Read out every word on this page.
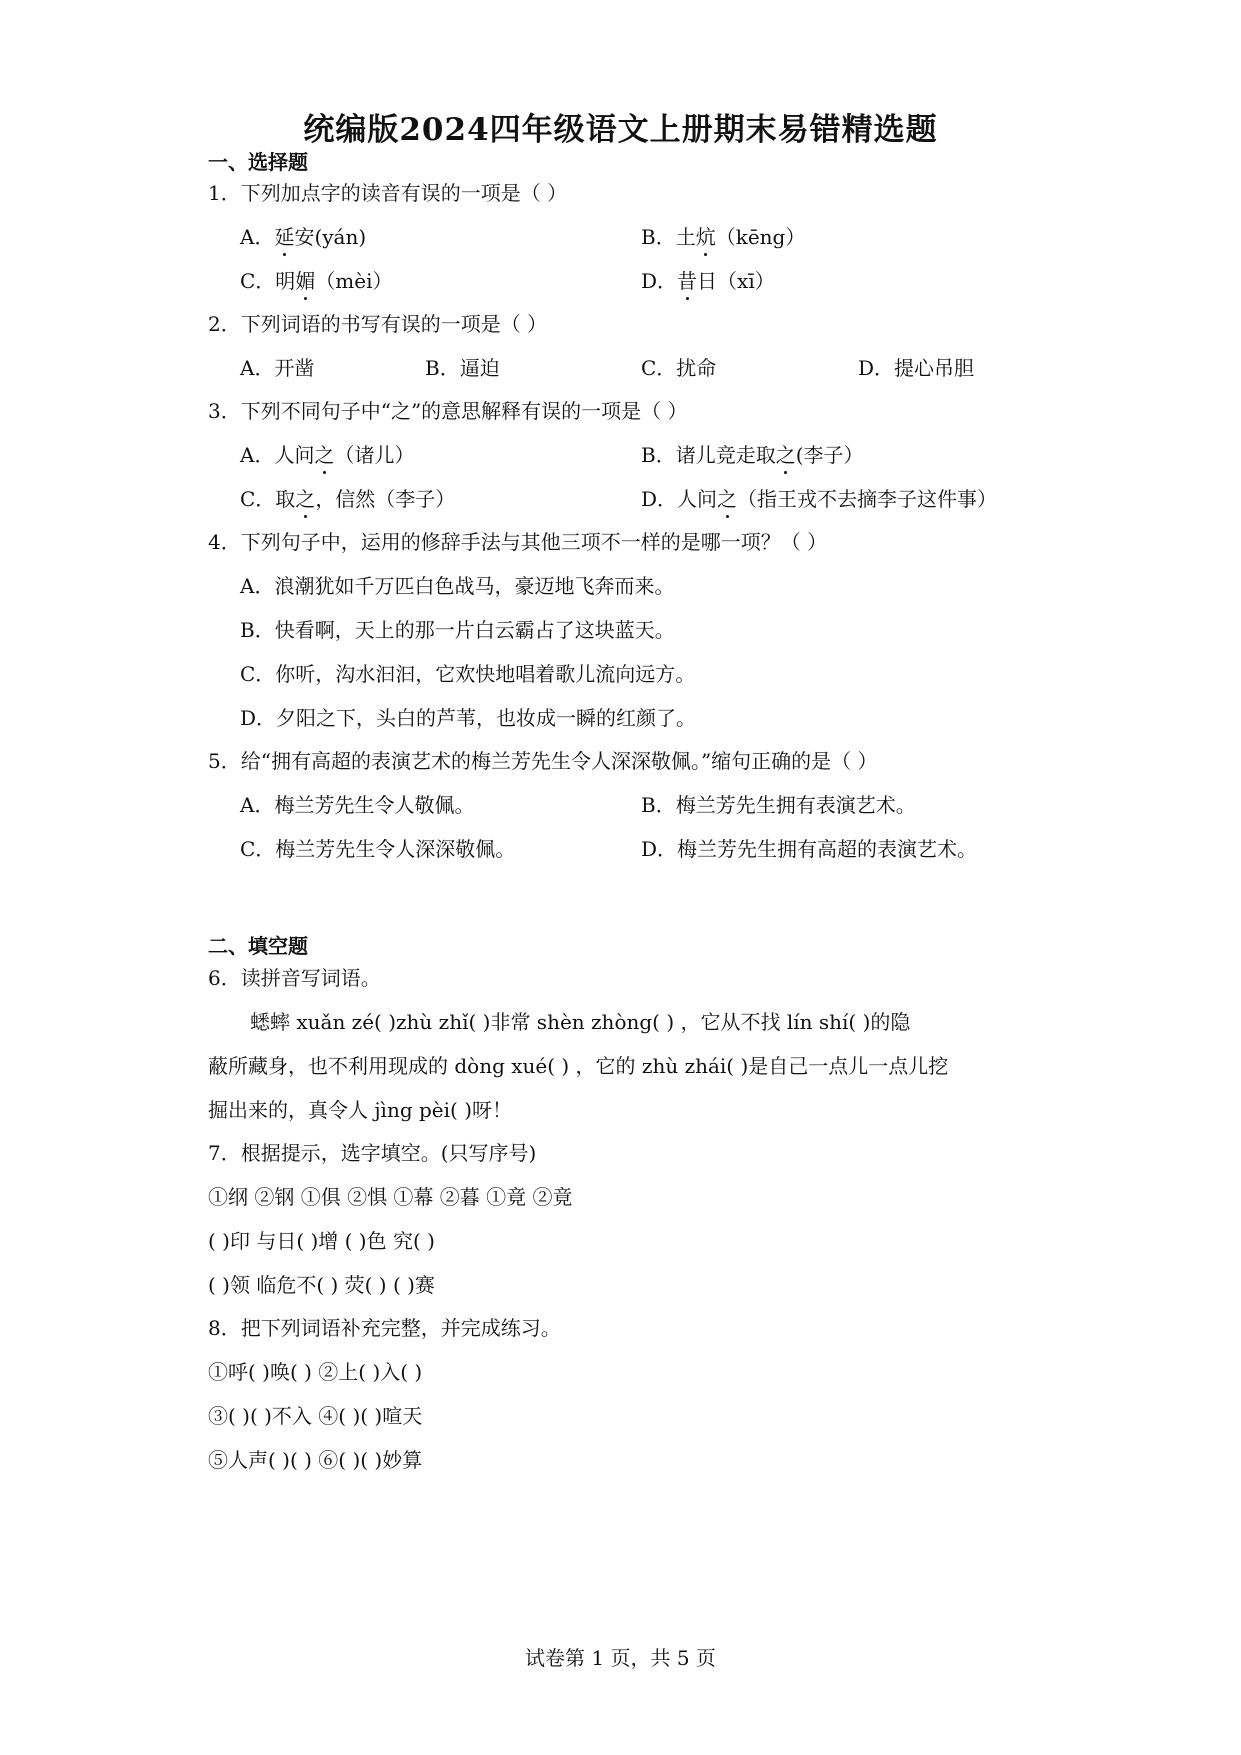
统编版2024四年级语文上册期末易错精选题
一、选择题
1．下列加点字的读音有误的一项是（ ）
A．延安(yán)	B．土炕（kēng）
C．明媚（mèi）	D．昔日（xī）
2．下列词语的书写有误的一项是（ ）
A．开凿	B．逼迫	C．扰命	D．提心吊胆
3．下列不同句子中“之”的意思解释有误的一项是（ ）
A．人问之（诸儿）	B．诸儿竞走取之(李子）
C．取之，信然（李子）	D．人问之（指王戎不去摘李子这件事）
4．下列句子中，运用的修辞手法与其他三项不一样的是哪一项？（ ）
A．浪潮犹如千万匹白色战马，豪迈地飞奔而来。
B．快看啊，天上的那一片白云霸占了这块蓝天。
C．你听，沟水汩汩，它欢快地唱着歌儿流向远方。
D．夕阳之下，头白的芦苇，也妆成一瞬的红颜了。
5．给“拥有高超的表演艺术的梅兰芳先生令人深深敬佩。”缩句正确的是（ ）
A．梅兰芳先生令人敬佩。	B．梅兰芳先生拥有表演艺术。
C．梅兰芳先生令人深深敬佩。	D．梅兰芳先生拥有高超的表演艺术。
二、填空题
6．读拼音写词语。
蟋蟀 xuǎn zé( )zhù zhǐ( )非常 shèn zhòng( ) ，它从不找 lín shí( )的隐
蔽所藏身，也不利用现成的 dòng xué( ) ，它的 zhù zhái( )是自己一点儿一点儿挖
掘出来的，真令人 jìng pèi( )呀！
7．根据提示，选字填空。(只写序号)
①纲 ②钢 ①俱 ②惧 ①幕 ②暮 ①竟 ②竟
( )印 与日( )增 ( )色 究( )
( )领 临危不( ) 荧( ) ( )赛
8．把下列词语补充完整，并完成练习。
①呼( )唤( ) ②上( )入( )
③( )( )不入 ④( )( )喧天
⑤人声( )( ) ⑥( )( )妙算
试卷第 1 页，共 5 页
